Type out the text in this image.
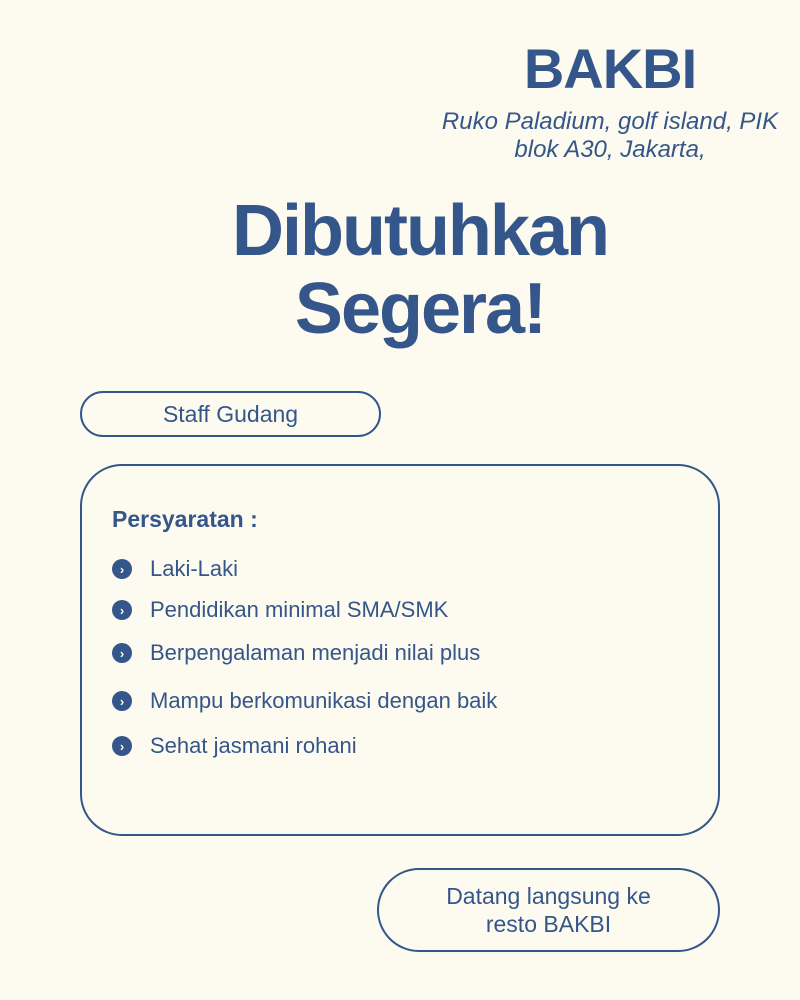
BAKBI
Ruko Paladium, golf island, PIK
blok A30, Jakarta,
Dibutuhkan
Segera!
Staff Gudang
Persyaratan :
›	Laki-Laki
›	Pendidikan minimal SMA/SMK
›	Berpengalaman menjadi nilai plus
›	Mampu berkomunikasi dengan baik
›	Sehat jasmani rohani
Datang langsung ke
resto BAKBI
